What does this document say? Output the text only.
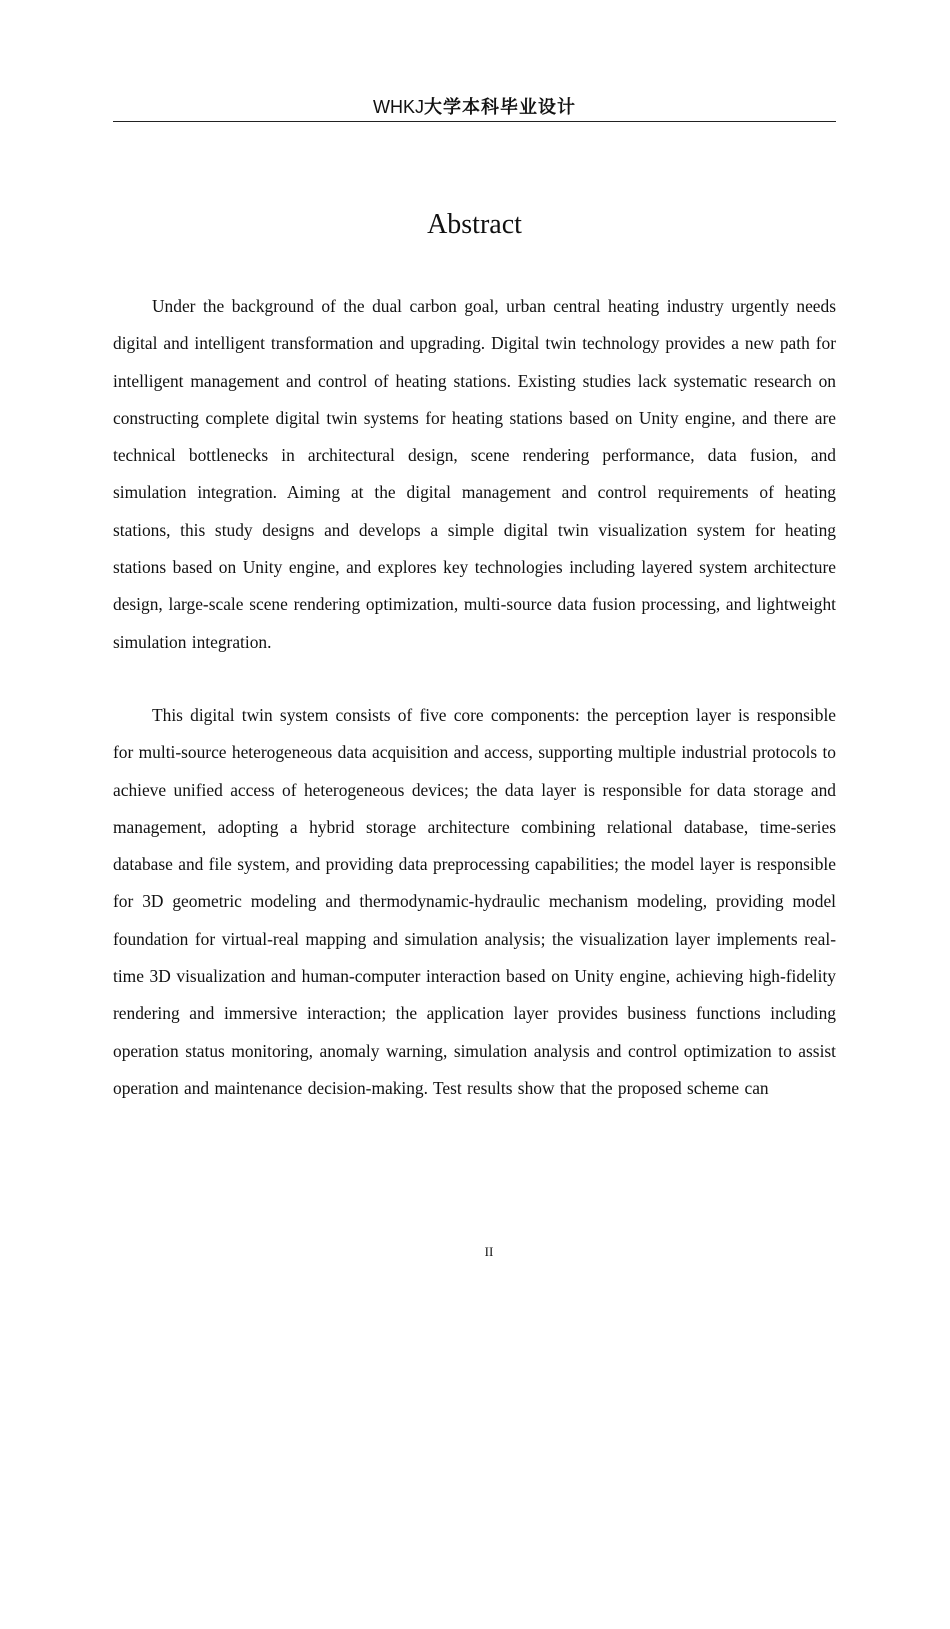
WHKJ大学本科毕业设计
Abstract

Under the background of the dual carbon goal, urban central heating industry urgently needs digital and intelligent transformation and upgrading. Digital twin technology provides a new path for intelligent management and control of heating stations. Existing studies lack systematic research on constructing complete digital twin systems for heating stations based on Unity engine, and there are technical bottlenecks in architectural design, scene rendering performance, data fusion, and simulation integration. Aiming at the digital management and control requirements of heating stations, this study designs and develops a simple digital twin visualization system for heating stations based on Unity engine, and explores key technologies including layered system architecture design, large-scale scene rendering optimization, multi-source data fusion processing, and lightweight simulation integration.

This digital twin system consists of five core components: the perception layer is responsible for multi-source heterogeneous data acquisition and access, supporting multiple industrial protocols to achieve unified access of heterogeneous devices; the data layer is responsible for data storage and management, adopting a hybrid storage architecture combining relational database, time-series database and file system, and providing data preprocessing capabilities; the model layer is responsible for 3D geometric modeling and thermodynamic-hydraulic mechanism modeling, providing model foundation for virtual-real mapping and simulation analysis; the visualization layer implements real-time 3D visualization and human-computer interaction based on Unity engine, achieving high-fidelity rendering and immersive interaction; the application layer provides business functions including operation status monitoring, anomaly warning, simulation analysis and control optimization to assist operation and maintenance decision-making. Test results show that the proposed scheme can

II
